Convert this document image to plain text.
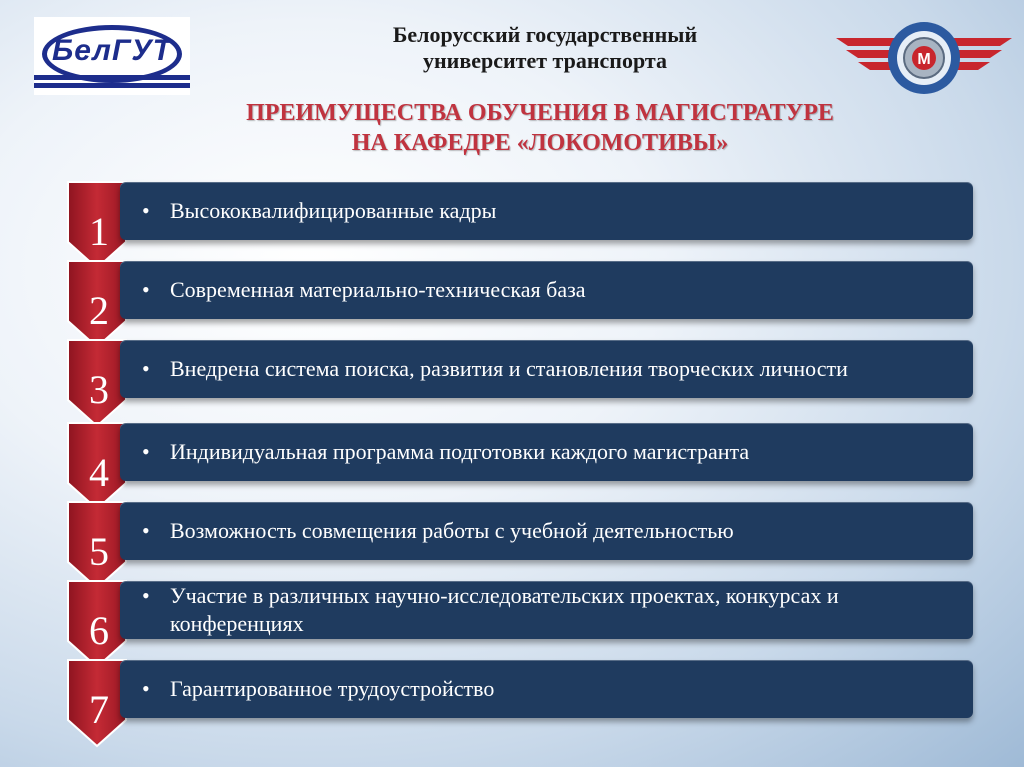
БелГУТ	Белорусский государственный
университет транспорта	М
ПРЕИМУЩЕСТВА ОБУЧЕНИЯ В МАГИСТРАТУРЕ
НА КАФЕДРЕ «ЛОКОМОТИВЫ»
1	• Высококвалифицированные кадры
2	• Современная материально-техническая база
3	• Внедрена система поиска, развития и становления творческих личности
4	• Индивидуальная программа подготовки каждого магистранта
5	• Возможность совмещения работы с учебной деятельностью
6
• Участие в различных научно-исследовательских проектах, конкурсах и конференциях
7	• Гарантированное трудоустройство
